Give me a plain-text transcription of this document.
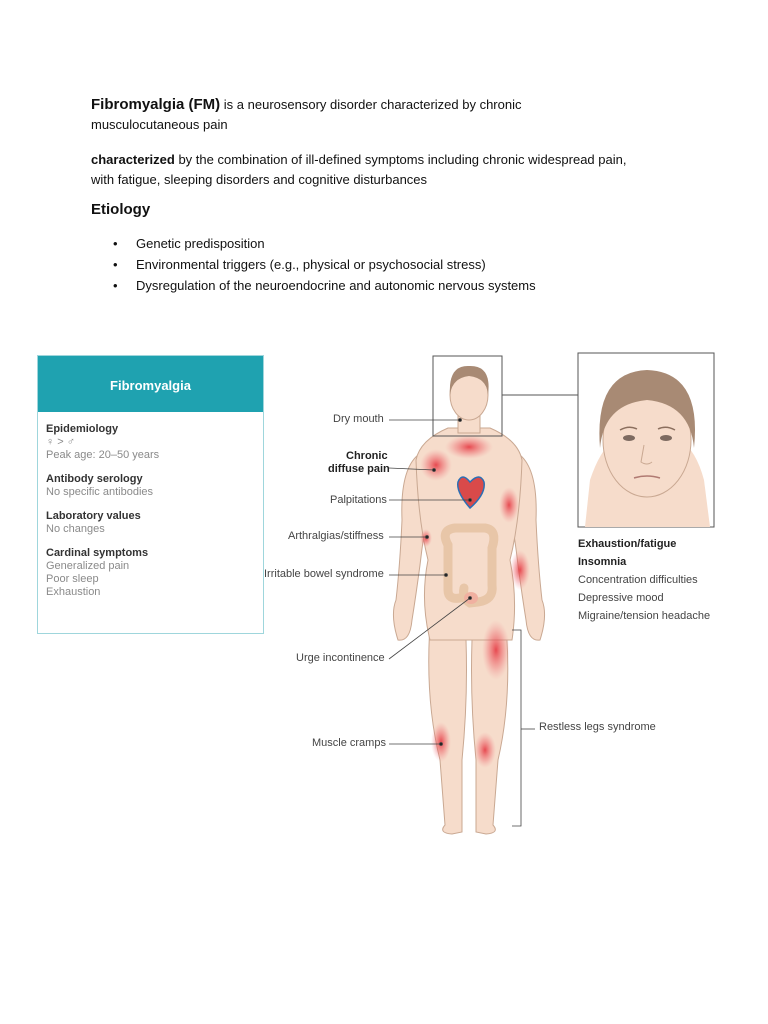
Fibromyalgia (FM) is a neurosensory disorder characterized by chronic
musculocutaneous pain
characterized by the combination of ill-defined symptoms including chronic widespread pain,
with fatigue, sleeping disorders and cognitive disturbances
Etiology
• Genetic predisposition
• Environmental triggers (e.g., physical or psychosocial stress)
• Dysregulation of the neuroendocrine and autonomic nervous systems
Fibromyalgia
Epidemiology
♀ > ♂
Peak age: 20–50 years
Antibody serology
No specific antibodies
Laboratory values
No changes
Cardinal symptoms
Generalized pain
Poor sleep
Exhaustion
Dry mouth
Chronic
diffuse pain
Palpitations
Arthralgias/stiffness
Irritable bowel syndrome
Urge incontinence
Muscle cramps
Restless legs syndrome
Exhaustion/fatigue
Insomnia
Concentration difficulties
Depressive mood
Migraine/tension headache
